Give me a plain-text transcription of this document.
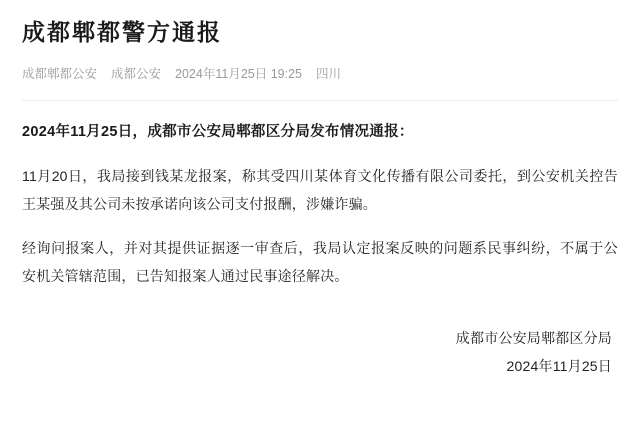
成都郫都警方通报
成都郫都公安 成都公安 2024年11月25日 19:25 四川

2024年11月25日，成都市公安局郫都区分局发布情况通报：

11月20日，我局接到钱某龙报案，称其受四川某体育文化传播有限公司委托，到公安机关控告王某强及其公司未按承诺向该公司支付报酬，涉嫌诈骗。

经询问报案人，并对其提供证据逐一审查后，我局认定报案反映的问题系民事纠纷，不属于公安机关管辖范围，已告知报案人通过民事途径解决。

成都市公安局郫都区分局
2024年11月25日
